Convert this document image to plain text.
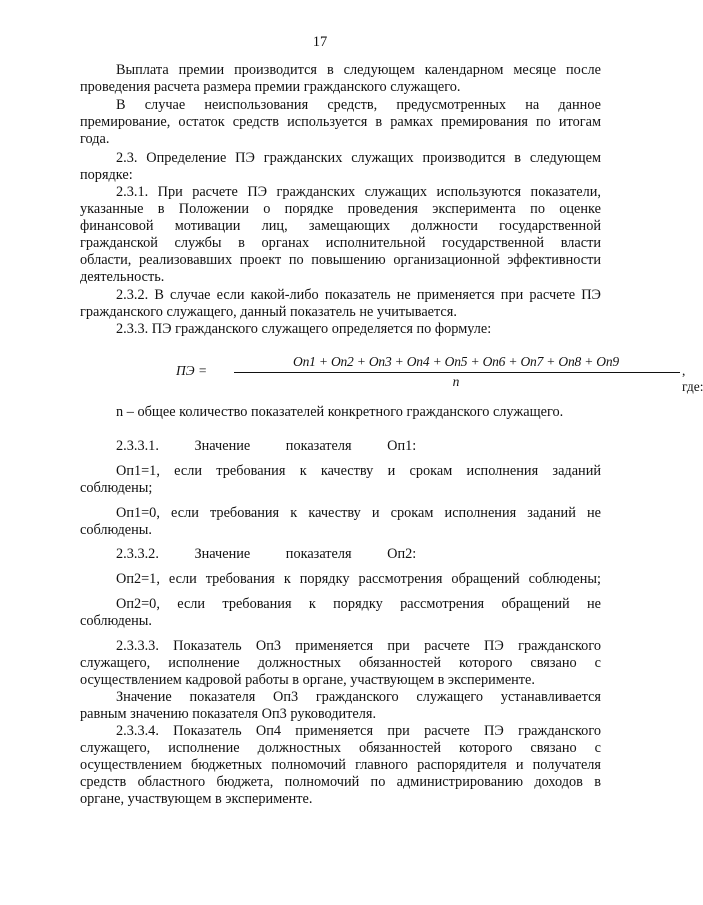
17
Выплата премии производится в следующем календарном месяце после
проведения расчета размера премии гражданского служащего.
В случае неиспользования средств, предусмотренных на данное
премирование, остаток средств используется в рамках премирования по итогам
года.
2.3. Определение ПЭ гражданских служащих производится в следующем
порядке:
2.3.1. При расчете ПЭ гражданских служащих используются показатели,
указанные в Положении о порядке проведения эксперимента по оценке
финансовой мотивации лиц, замещающих должности государственной
гражданской службы в органах исполнительной государственной власти
области, реализовавших проект по повышению организационной эффективности
деятельность.
2.3.2. В случае если какой-либо показатель не применяется при расчете ПЭ
гражданского служащего, данный показатель не учитывается.
2.3.3. ПЭ гражданского служащего определяется по формуле:
ПЭ =
Оп1 + Оп2 + Оп3 + Оп4 + Оп5 + Оп6 + Оп7 + Оп8 + Оп9
n
, где:
n – общее количество показателей конкретного гражданского служащего.
2.3.3.1. Значение показателя Оп1:
Оп1=1, если требования к качеству и срокам исполнения заданий
соблюдены;
Оп1=0, если требования к качеству и срокам исполнения заданий не
соблюдены.
2.3.3.2. Значение показателя Оп2:
Оп2=1, если требования к порядку рассмотрения обращений соблюдены;
Оп2=0, если требования к порядку рассмотрения обращений не
соблюдены.
2.3.3.3. Показатель Оп3 применяется при расчете ПЭ гражданского
служащего, исполнение должностных обязанностей которого связано с
осуществлением кадровой работы в органе, участвующем в эксперименте.
Значение показателя Оп3 гражданского служащего устанавливается
равным значению показателя Оп3 руководителя.
2.3.3.4. Показатель Оп4 применяется при расчете ПЭ гражданского
служащего, исполнение должностных обязанностей которого связано с
осуществлением бюджетных полномочий главного распорядителя и получателя
средств областного бюджета, полномочий по администрированию доходов в
органе, участвующем в эксперименте.
